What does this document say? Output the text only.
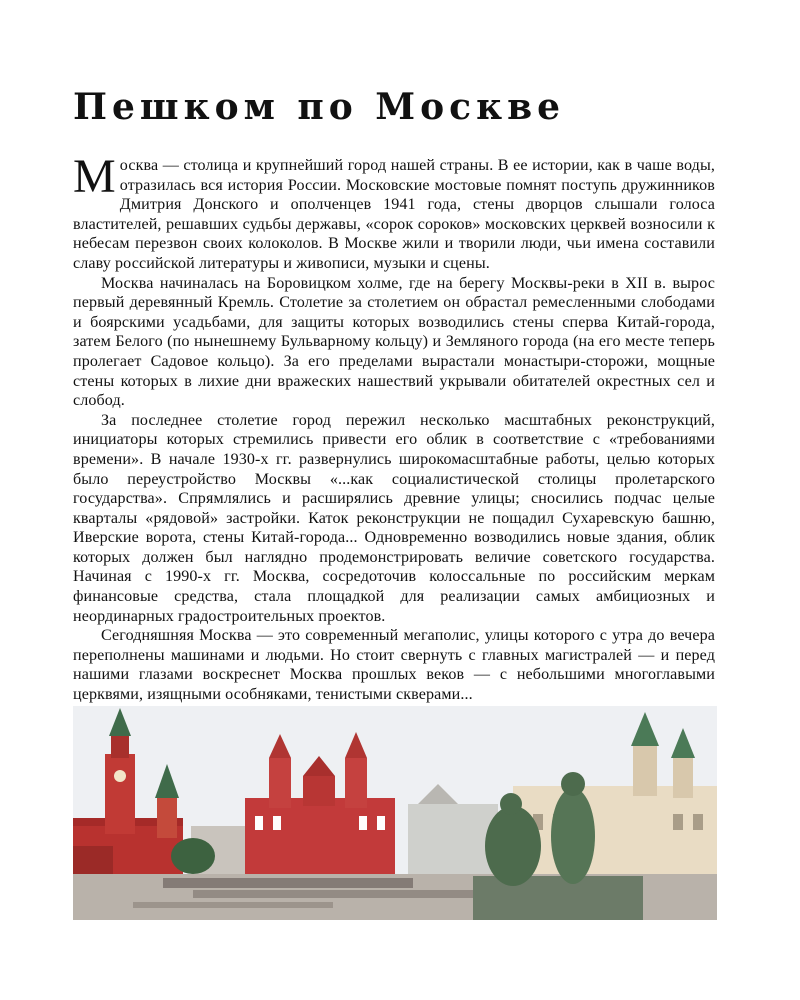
Пешком по Москве

Москва — столица и крупнейший город нашей страны. В ее истории, как в чаше воды, отразилась вся история России. Московские мостовые помнят поступь дружинников Дмитрия Донского и ополченцев 1941 года, стены дворцов слышали голоса властителей, решавших судьбы державы, «сорок сороков» московских церквей возносили к небесам перезвон своих колоколов. В Москве жили и творили люди, чьи имена составили славу российской литературы и живописи, музыки и сцены.

Москва начиналась на Боровицком холме, где на берегу Москвы-реки в XII в. вырос первый деревянный Кремль. Столетие за столетием он обрастал ремесленными слободами и боярскими усадьбами, для защиты которых возводились стены сперва Китай-города, затем Белого (по нынешнему Бульварному кольцу) и Земляного города (на его месте теперь пролегает Садовое кольцо). За его пределами вырастали монастыри-сторожи, мощные стены которых в лихие дни вражеских нашествий укрывали обитателей окрестных сел и слобод.

За последнее столетие город пережил несколько масштабных реконструкций, инициаторы которых стремились привести его облик в соответствие с «требованиями времени». В начале 1930-х гг. развернулись широкомасштабные работы, целью которых было переустройство Москвы «...как социалистической столицы пролетарского государства». Спрямлялись и расширялись древние улицы; сносились подчас целые кварталы «рядовой» застройки. Каток реконструкции не пощадил Сухаревскую башню, Иверские ворота, стены Китай-города... Одновременно возводились новые здания, облик которых должен был наглядно продемонстрировать величие советского государства. Начиная с 1990-х гг. Москва, сосредоточив колоссальные по российским меркам финансовые средства, стала площадкой для реализации самых амбициозных и неординарных градостроительных проектов.

Сегодняшняя Москва — это современный мегаполис, улицы которого с утра до вечера переполнены машинами и людьми. Но стоит свернуть с главных магистралей — и перед нашими глазами воскреснет Москва прошлых веков — с небольшими многоглавыми церквями, изящными особняками, тенистыми скверами...
